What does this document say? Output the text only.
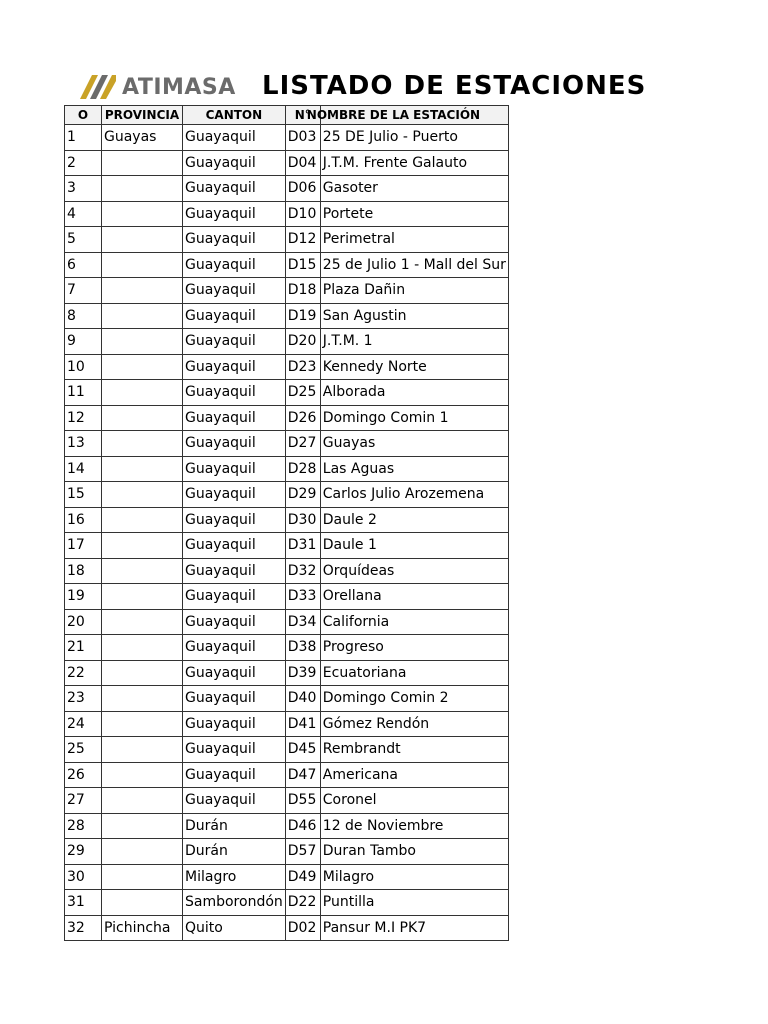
ATIMASA LISTADO DE ESTACIONES
O	PROVINCIA	CANTON	N°	NOMBRE DE LA ESTACIÓN
1	Guayas	Guayaquil	D03	25 DE Julio - Puerto
2		Guayaquil	D04	J.T.M. Frente Galauto
3		Guayaquil	D06	Gasoter
4		Guayaquil	D10	Portete
5		Guayaquil	D12	Perimetral
6		Guayaquil	D15	25 de Julio 1 - Mall del Sur
7		Guayaquil	D18	Plaza Dañin
8		Guayaquil	D19	San Agustin
9		Guayaquil	D20	J.T.M. 1
10		Guayaquil	D23	Kennedy Norte
11		Guayaquil	D25	Alborada
12		Guayaquil	D26	Domingo Comin 1
13		Guayaquil	D27	Guayas
14		Guayaquil	D28	Las Aguas
15		Guayaquil	D29	Carlos Julio Arozemena
16		Guayaquil	D30	Daule 2
17		Guayaquil	D31	Daule 1
18		Guayaquil	D32	Orquídeas
19		Guayaquil	D33	Orellana
20		Guayaquil	D34	California
21		Guayaquil	D38	Progreso
22		Guayaquil	D39	Ecuatoriana
23		Guayaquil	D40	Domingo Comin 2
24		Guayaquil	D41	Gómez Rendón
25		Guayaquil	D45	Rembrandt
26		Guayaquil	D47	Americana
27		Guayaquil	D55	Coronel
28		Durán	D46	12 de Noviembre
29		Durán	D57	Duran Tambo
30		Milagro	D49	Milagro
31		Samborondón	D22	Puntilla
32	Pichincha	Quito	D02	Pansur M.I PK7
